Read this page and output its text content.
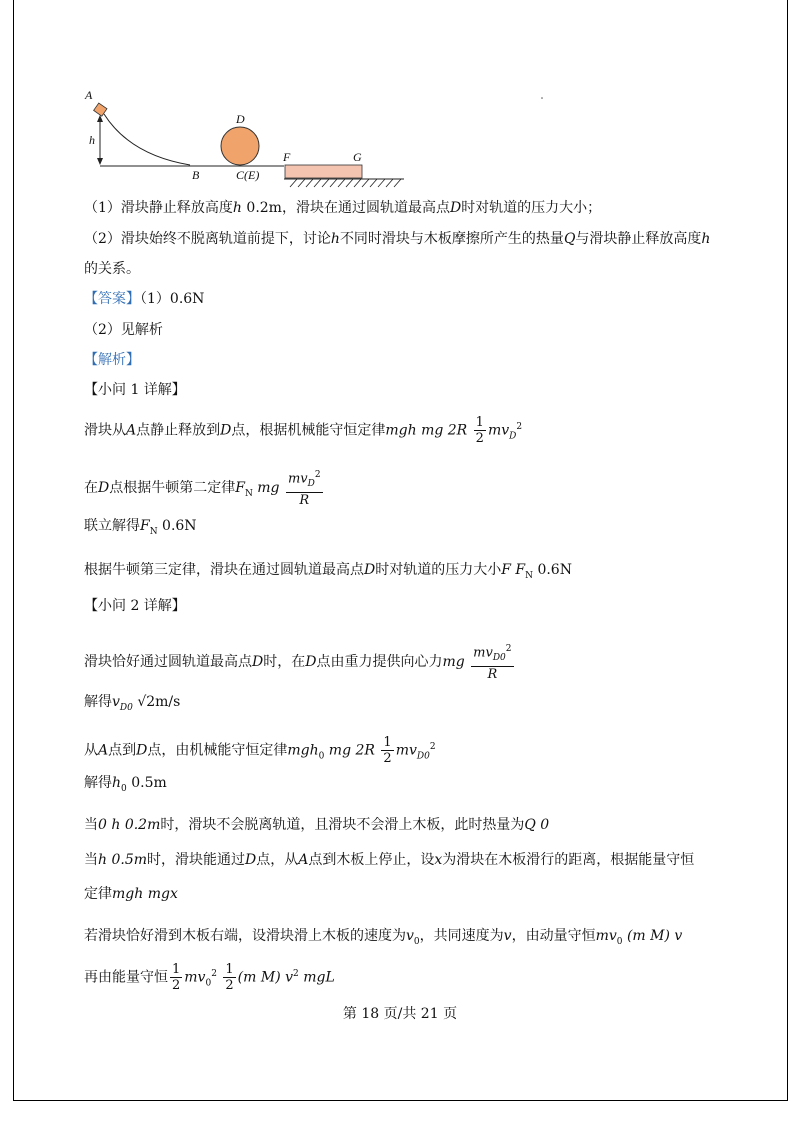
A
h
B
D
C(E)
F	G
（1）滑块静止释放高度h 0.2m，滑块在通过圆轨道最高点D时对轨道的压力大小；
（2）滑块始终不脱离轨道前提下，讨论h不同时滑块与木板摩擦所产生的热量Q与滑块静止释放高度h
的关系。
【答案】（1）0.6N
（2）见解析
【解析】
【小问 1 详解】
滑块从A点静止释放到D点，根据机械能守恒定律mgh mg $2R \frac{1}{2} mv_D^2$
在D点根据牛顿第二定律$F_N$ mg $\frac{mv_D^2}{R}$
联立解得$F_N$ 0.6N
根据牛顿第三定律，滑块在通过圆轨道最高点D时对轨道的压力大小F $F_N$ 0.6N
【小问 2 详解】
滑块恰好通过圆轨道最高点D时，在D点由重力提供向心力mg $\frac{mv_{D0}^2}{R}$
解得$v_{D0}$ √2m/s
从A点到D点，由机械能守恒定律mgh$_0$ mg $2R \frac{1}{2} mv_{D0}^2$
解得$h_0$ 0.5m
当0 h 0.2m时，滑块不会脱离轨道，且滑块不会滑上木板，此时热量为Q 0
当h 0.5m时，滑块能通过D点，从A点到木板上停止，设x为滑块在木板滑行的距离，根据能量守恒
定律mgh mgx
若滑块恰好滑到木板右端，设滑块滑上木板的速度为$v_0$，共同速度为v，由动量守恒$mv_0$ (m M) v
再由能量守恒 $\frac{1}{2} mv_0^2 \frac{1}{2} (m$ M) $v^2$ mgL
第 18 页/共 21 页
